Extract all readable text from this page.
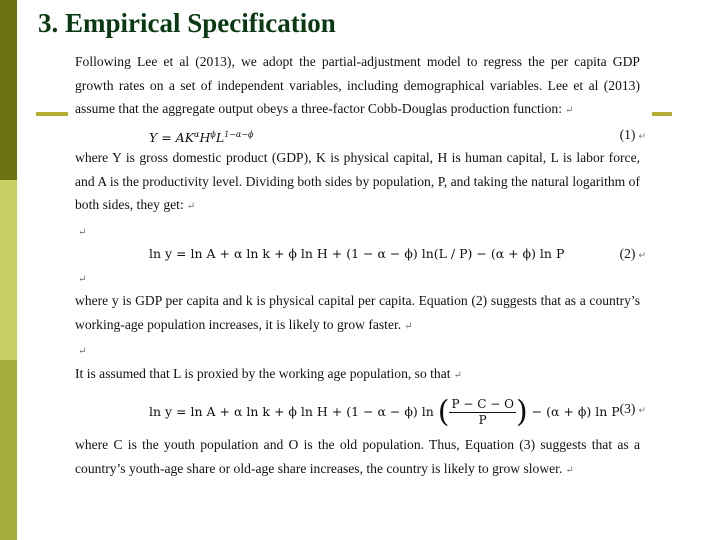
3. Empirical Specification

Following Lee et al (2013), we adopt the partial-adjustment model to regress the per capita GDP growth rates on a set of independent variables, including demographical variables. Lee et al (2013) assume that the aggregate output obeys a three-factor Cobb-Douglas production function: ↵

$Y = AK^\alpha H^\phi L^{1-\alpha-\phi}$	(1) ↵

where Y is gross domestic product (GDP), K is physical capital, H is human capital, L is labor force, and A is the productivity level. Dividing both sides by population, P, and taking the natural logarithm of both sides, they get: ↵

↵
ln y = ln A + α ln k + ϕ ln H + (1 − α − ϕ) ln(L / P) − (α + ϕ) ln P	(2) ↵
↵

where y is GDP per capita and k is physical capital per capita. Equation (2) suggests that as a country’s working-age population increases, it is likely to grow faster. ↵

↵

It is assumed that L is proxied by the working age population, so that ↵

ln y = ln A + α ln k + ϕ ln H + (1 − α − ϕ) ln ( $\frac{P - C - O}{P}$ ) − (α + ϕ) ln P (3) ↵

where C is the youth population and O is the old population. Thus, Equation (3) suggests that as a country’s youth-age share or old-age share increases, the country is likely to grow slower. ↵
